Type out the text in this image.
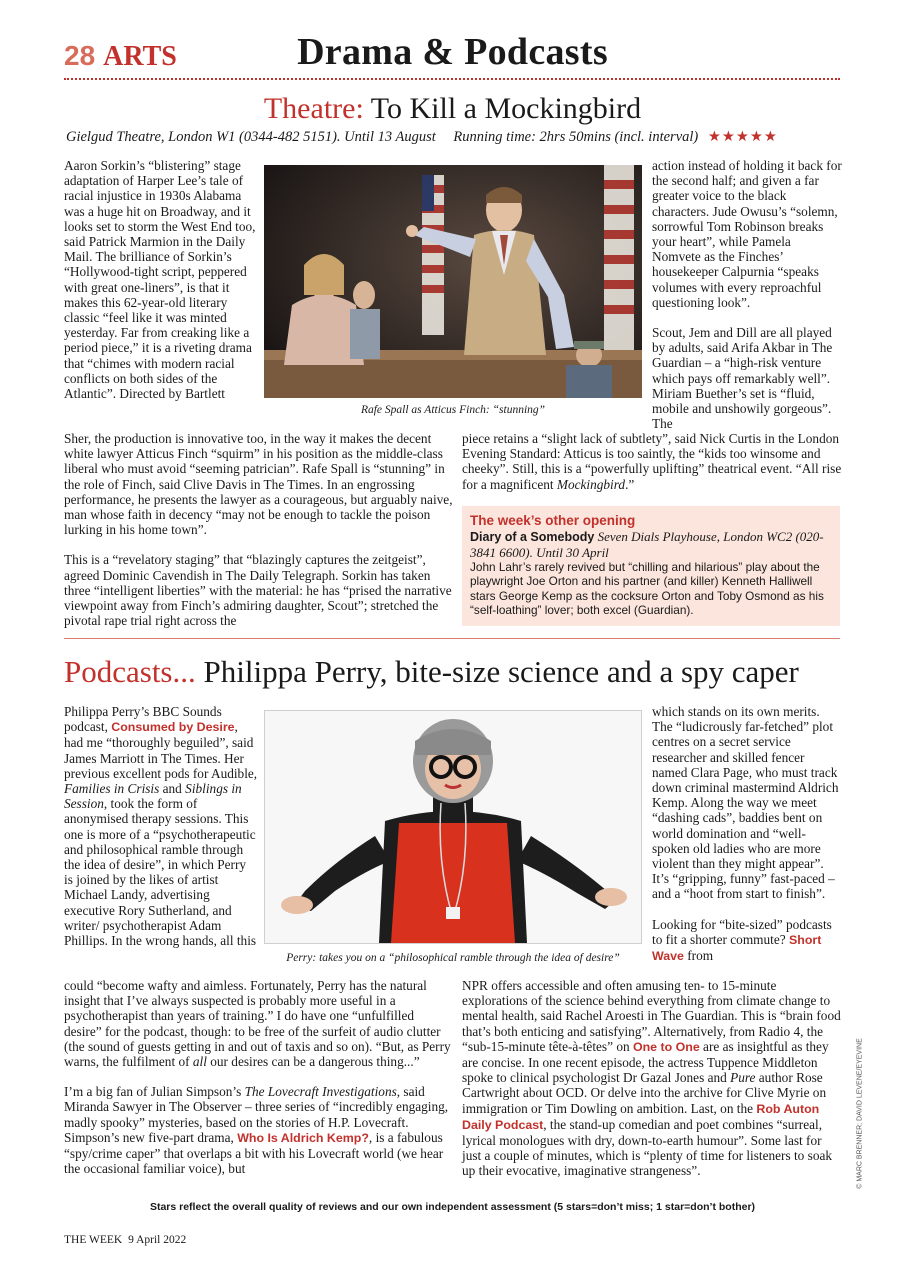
28 ARTS	Drama & Podcasts
Theatre: To Kill a Mockingbird
Gielgud Theatre, London W1 (0344-482 5151). Until 13 August Running time: 2hrs 50mins (incl. interval) ★★★★★
Rafe Spall as Atticus Finch: “stunning”
Aaron Sorkin’s “blistering” stage adaptation of Harper Lee’s tale of racial injustice in 1930s Alabama was a huge hit on Broadway, and it looks set to storm the West End too, said Patrick Marmion in the Daily Mail. The brilliance of Sorkin’s “Hollywood-tight script, peppered with great one-liners”, is that it makes this 62-year-old literary classic “feel like it was minted yesterday. Far from creaking like a period piece,” it is a riveting drama that “chimes with modern racial conflicts on both sides of the Atlantic”. Directed by Bartlett

Sher, the production is innovative too, in the way it makes the decent white lawyer Atticus Finch “squirm” in his position as the middle-class liberal who must avoid “seeming patrician”. Rafe Spall is “stunning” in the role of Finch, said Clive Davis in The Times. In an engrossing performance, he presents the lawyer as a courageous, but arguably naive, man whose faith in decency “may not be enough to tackle the poison lurking in his home town”.

This is a “revelatory staging” that “blazingly captures the zeitgeist”, agreed Dominic Cavendish in The Daily Telegraph. Sorkin has taken three “intelligent liberties” with the material: he has “prised the narrative viewpoint away from Finch’s admiring daughter, Scout”; stretched the pivotal rape trial right across the

action instead of holding it back for the second half; and given a far greater voice to the black characters. Jude Owusu’s “solemn, sorrowful Tom Robinson breaks your heart”, while Pamela Nomvete as the Finches’ housekeeper Calpurnia “speaks volumes with every reproachful questioning look”.

Scout, Jem and Dill are all played by adults, said Arifa Akbar in The Guardian – a “high-risk venture which pays off remarkably well”. Miriam Buether’s set is “fluid, mobile and unshowily gorgeous”. The

piece retains a “slight lack of subtlety”, said Nick Curtis in the London Evening Standard: Atticus is too saintly, the “kids too winsome and cheeky”. Still, this is a “powerfully uplifting” theatrical event. “All rise for a magnificent Mockingbird.”
The week’s other opening
Diary of a Somebody Seven Dials Playhouse, London WC2 (020-3841 6600). Until 30 April
John Lahr’s rarely revived but “chilling and hilarious” play about the playwright Joe Orton and his partner (and killer) Kenneth Halliwell stars George Kemp as the cocksure Orton and Toby Osmond as his “self-loathing” lover; both excel (Guardian).
Podcasts... Philippa Perry, bite-size science and a spy caper
Perry: takes you on a “philosophical ramble through the idea of desire”
Philippa Perry’s BBC Sounds podcast, Consumed by Desire, had me “thoroughly beguiled”, said James Marriott in The Times. Her previous excellent pods for Audible, Families in Crisis and Siblings in Session, took the form of anonymised therapy sessions. This one is more of a “psychotherapeutic and philosophical ramble through the idea of desire”, in which Perry is joined by the likes of artist Michael Landy, advertising executive Rory Sutherland, and writer/ psychotherapist Adam Phillips. In the wrong hands, all this

could “become wafty and aimless. Fortunately, Perry has the natural insight that I’ve always suspected is probably more useful in a psychotherapist than years of training.” I do have one “unfulfilled desire” for the podcast, though: to be free of the surfeit of audio clutter (the sound of guests getting in and out of taxis and so on). “But, as Perry warns, the fulfilment of all our desires can be a dangerous thing...”

I’m a big fan of Julian Simpson’s The Lovecraft Investigations, said Miranda Sawyer in The Observer – three series of “incredibly engaging, madly spooky” mysteries, based on the stories of H.P. Lovecraft. Simpson’s new five-part drama, Who Is Aldrich Kemp?, is a fabulous “spy/crime caper” that overlaps a bit with his Lovecraft world (we hear the occasional familiar voice), but

which stands on its own merits. The “ludicrously far-fetched” plot centres on a secret service researcher and skilled fencer named Clara Page, who must track down criminal mastermind Aldrich Kemp. Along the way we meet “dashing cads”, baddies bent on world domination and “well-spoken old ladies who are more violent than they might appear”. It’s “gripping, funny” fast-paced – and a “hoot from start to finish”.

Looking for “bite-sized” podcasts to fit a shorter commute? Short Wave from

NPR offers accessible and often amusing ten- to 15-minute explorations of the science behind everything from climate change to mental health, said Rachel Aroesti in The Guardian. This is “brain food that’s both enticing and satisfying”. Alternatively, from Radio 4, the “sub-15-minute tête-à-têtes” on One to One are as insightful as they are concise. In one recent episode, the actress Tuppence Middleton spoke to clinical psychologist Dr Gazal Jones and Pure author Rose Cartwright about OCD. Or delve into the archive for Clive Myrie on immigration or Tim Dowling on ambition. Last, on the Rob Auton Daily Podcast, the stand-up comedian and poet combines “surreal, lyrical monologues with dry, down-to-earth humour”. Some last for just a couple of minutes, which is “plenty of time for listeners to soak up their evocative, imaginative strangeness”.	© MARC BRENNER; DAVID LEVENE/EYEVINE
Stars reflect the overall quality of reviews and our own independent assessment (5 stars=don’t miss; 1 star=don’t bother)
THE WEEK 9 April 2022
